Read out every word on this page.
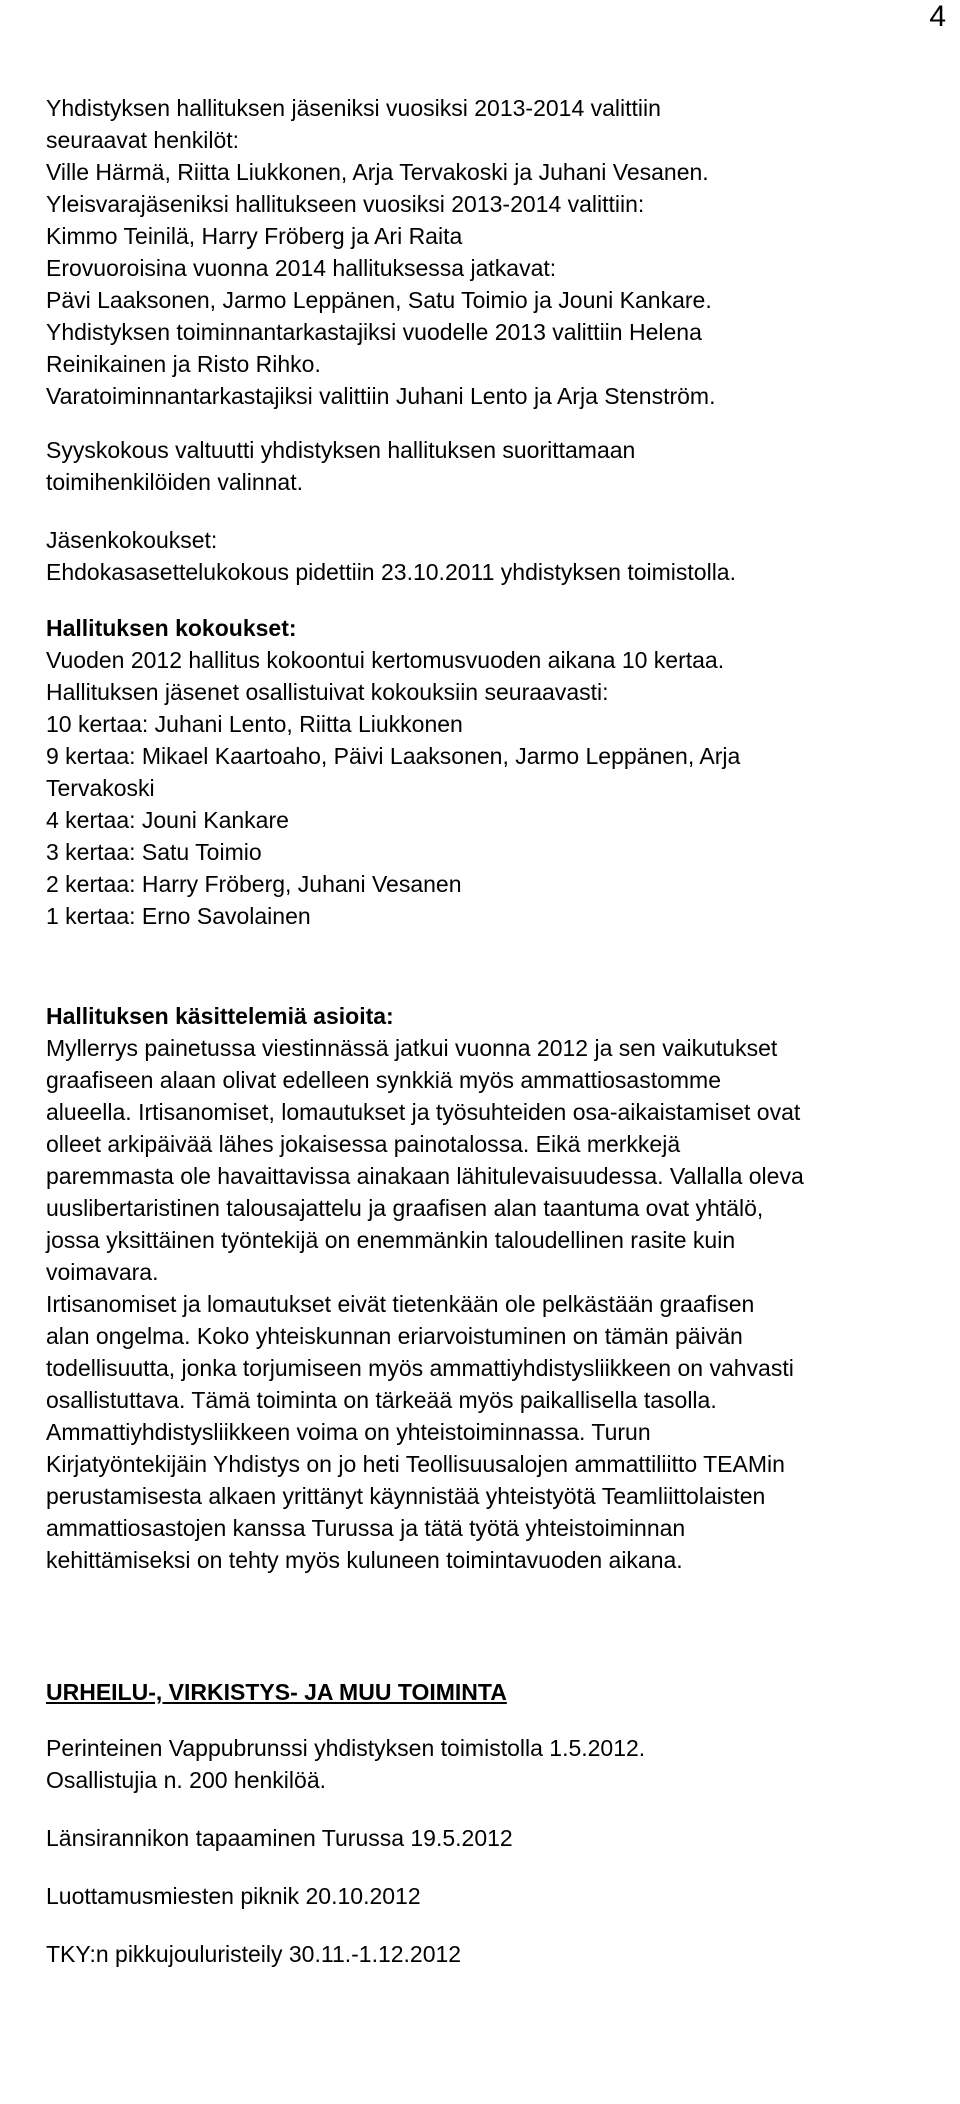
4
Yhdistyksen hallituksen jäseniksi vuosiksi 2013-2014 valittiin
seuraavat henkilöt:
Ville Härmä, Riitta Liukkonen, Arja Tervakoski ja Juhani Vesanen.
Yleisvarajäseniksi hallitukseen vuosiksi 2013-2014 valittiin:
Kimmo Teinilä, Harry Fröberg ja Ari Raita
Erovuoroisina vuonna 2014 hallituksessa jatkavat:
Pävi Laaksonen, Jarmo Leppänen, Satu Toimio ja Jouni Kankare.
Yhdistyksen toiminnantarkastajiksi vuodelle 2013 valittiin Helena
Reinikainen ja Risto Rihko.
Varatoiminnantarkastajiksi valittiin Juhani Lento ja Arja Stenström.
Syyskokous valtuutti yhdistyksen hallituksen suorittamaan
toimihenkilöiden valinnat.
Jäsenkokoukset:
Ehdokasasettelukokous pidettiin 23.10.2011 yhdistyksen toimistolla.
Hallituksen kokoukset:
Vuoden 2012 hallitus kokoontui kertomusvuoden aikana 10 kertaa.
Hallituksen jäsenet osallistuivat kokouksiin seuraavasti:
10 kertaa: Juhani Lento, Riitta Liukkonen
9 kertaa: Mikael Kaartoaho, Päivi Laaksonen, Jarmo Leppänen, Arja
Tervakoski
4 kertaa: Jouni Kankare
3 kertaa: Satu Toimio
2 kertaa: Harry Fröberg, Juhani Vesanen
1 kertaa: Erno Savolainen
Hallituksen käsittelemiä asioita:
Myllerrys painetussa viestinnässä jatkui vuonna 2012 ja sen vaikutukset
graafiseen alaan olivat edelleen synkkiä myös ammattiosastomme
alueella. Irtisanomiset, lomautukset ja työsuhteiden osa-aikaistamiset ovat
olleet arkipäivää lähes jokaisessa painotalossa. Eikä merkkejä
paremmasta ole havaittavissa ainakaan lähitulevaisuudessa. Vallalla oleva
uuslibertaristinen talousajattelu ja graafisen alan taantuma ovat yhtälö,
jossa yksittäinen työntekijä on enemmänkin taloudellinen rasite kuin
voimavara.
Irtisanomiset ja lomautukset eivät tietenkään ole pelkästään graafisen
alan ongelma. Koko yhteiskunnan eriarvoistuminen on tämän päivän
todellisuutta, jonka torjumiseen myös ammattiyhdistysliikkeen on vahvasti
osallistuttava. Tämä toiminta on tärkeää myös paikallisella tasolla.
Ammattiyhdistysliikkeen voima on yhteistoiminnassa. Turun
Kirjatyöntekijäin Yhdistys on jo heti Teollisuusalojen ammattiliitto TEAMin
perustamisesta alkaen yrittänyt käynnistää yhteistyötä Teamliittolaisten
ammattiosastojen kanssa Turussa ja tätä työtä yhteistoiminnan
kehittämiseksi on tehty myös kuluneen toimintavuoden aikana.
URHEILU-, VIRKISTYS- JA MUU TOIMINTA
Perinteinen Vappubrunssi yhdistyksen toimistolla 1.5.2012.
Osallistujia n. 200 henkilöä.
Länsirannikon tapaaminen Turussa 19.5.2012
Luottamusmiesten piknik 20.10.2012
TKY:n pikkujouluristeily 30.11.-1.12.2012
